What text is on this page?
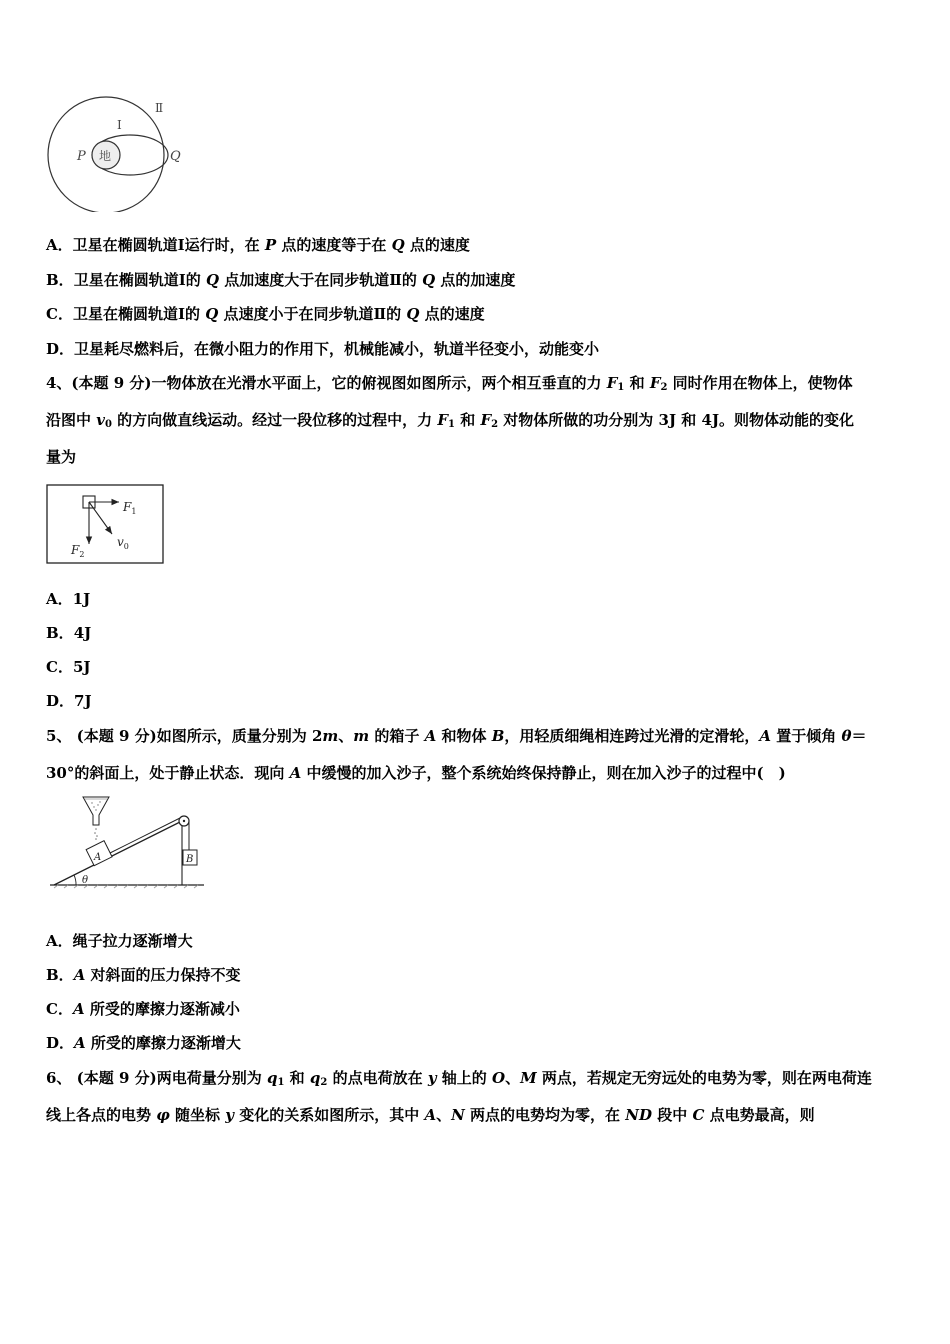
地
Ⅱ
Ⅰ
P	Q
A．卫星在椭圆轨道Ⅰ运行时，在 P 点的速度等于在 Q 点的速度
B．卫星在椭圆轨道Ⅰ的 Q 点加速度大于在同步轨道Ⅱ的 Q 点的加速度
C．卫星在椭圆轨道Ⅰ的 Q 点速度小于在同步轨道Ⅱ的 Q 点的速度
D．卫星耗尽燃料后，在微小阻力的作用下，机械能减小，轨道半径变小，动能变小
4、(本题 9 分)一物体放在光滑水平面上，它的俯视图如图所示，两个相互垂直的力 $F_1$ 和 $F_2$ 同时作用在物体上，使物体
沿图中 $v_0$ 的方向做直线运动。经过一段位移的过程中，力 $F_1$ 和 $F_2$ 对物体所做的功分别为 3J 和 4J。则物体动能的变化
量为
$F_1$
$F_2$
$v_0$
A．1J
B．4J
C．5J
D．7J
5、 (本题 9 分)如图所示，质量分别为 2m、m 的箱子 A 和物体 B，用轻质细绳相连跨过光滑的定滑轮，A 置于倾角 θ＝
30°的斜面上，处于静止状态．现向 A 中缓慢的加入沙子，整个系统始终保持静止，则在加入沙子的过程中(　)
B
A
θ
A．绳子拉力逐渐增大
B．A 对斜面的压力保持不变
C．A 所受的摩擦力逐渐减小
D．A 所受的摩擦力逐渐增大
6、 (本题 9 分)两电荷量分别为 $q_1$ 和 $q_2$ 的点电荷放在 y 轴上的 O、M 两点，若规定无穷远处的电势为零，则在两电荷连
线上各点的电势 φ 随坐标 y 变化的关系如图所示，其中 A、N 两点的电势均为零，在 ND 段中 C 点电势最高，则
